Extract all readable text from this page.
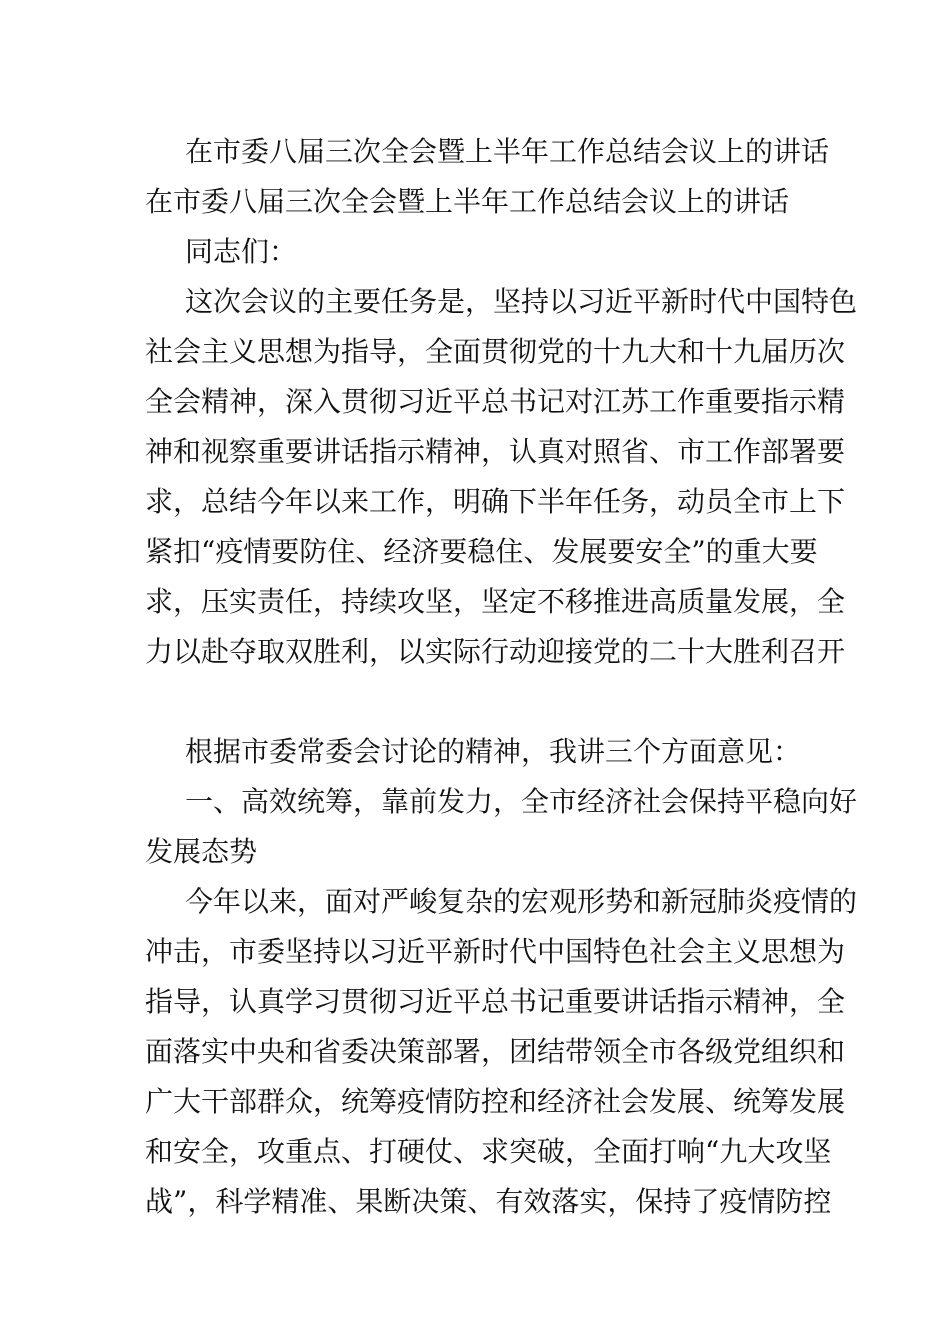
在市委八届三次全会暨上半年工作总结会议上的讲话
在市委八届三次全会暨上半年工作总结会议上的讲话
同志们：
这次会议的主要任务是，坚持以习近平新时代中国特色
社会主义思想为指导，全面贯彻党的十九大和十九届历次
全会精神，深入贯彻习近平总书记对江苏工作重要指示精
神和视察重要讲话指示精神，认真对照省、市工作部署要
求，总结今年以来工作，明确下半年任务，动员全市上下
紧扣“疫情要防住、经济要稳住、发展要安全”的重大要
求，压实责任，持续攻坚，坚定不移推进高质量发展，全
力以赴夺取双胜利，以实际行动迎接党的二十大胜利召开
根据市委常委会讨论的精神，我讲三个方面意见：
一、高效统筹，靠前发力，全市经济社会保持平稳向好
发展态势
今年以来，面对严峻复杂的宏观形势和新冠肺炎疫情的
冲击，市委坚持以习近平新时代中国特色社会主义思想为
指导，认真学习贯彻习近平总书记重要讲话指示精神，全
面落实中央和省委决策部署，团结带领全市各级党组织和
广大干部群众，统筹疫情防控和经济社会发展、统筹发展
和安全，攻重点、打硬仗、求突破，全面打响“九大攻坚
战”，科学精准、果断决策、有效落实，保持了疫情防控
